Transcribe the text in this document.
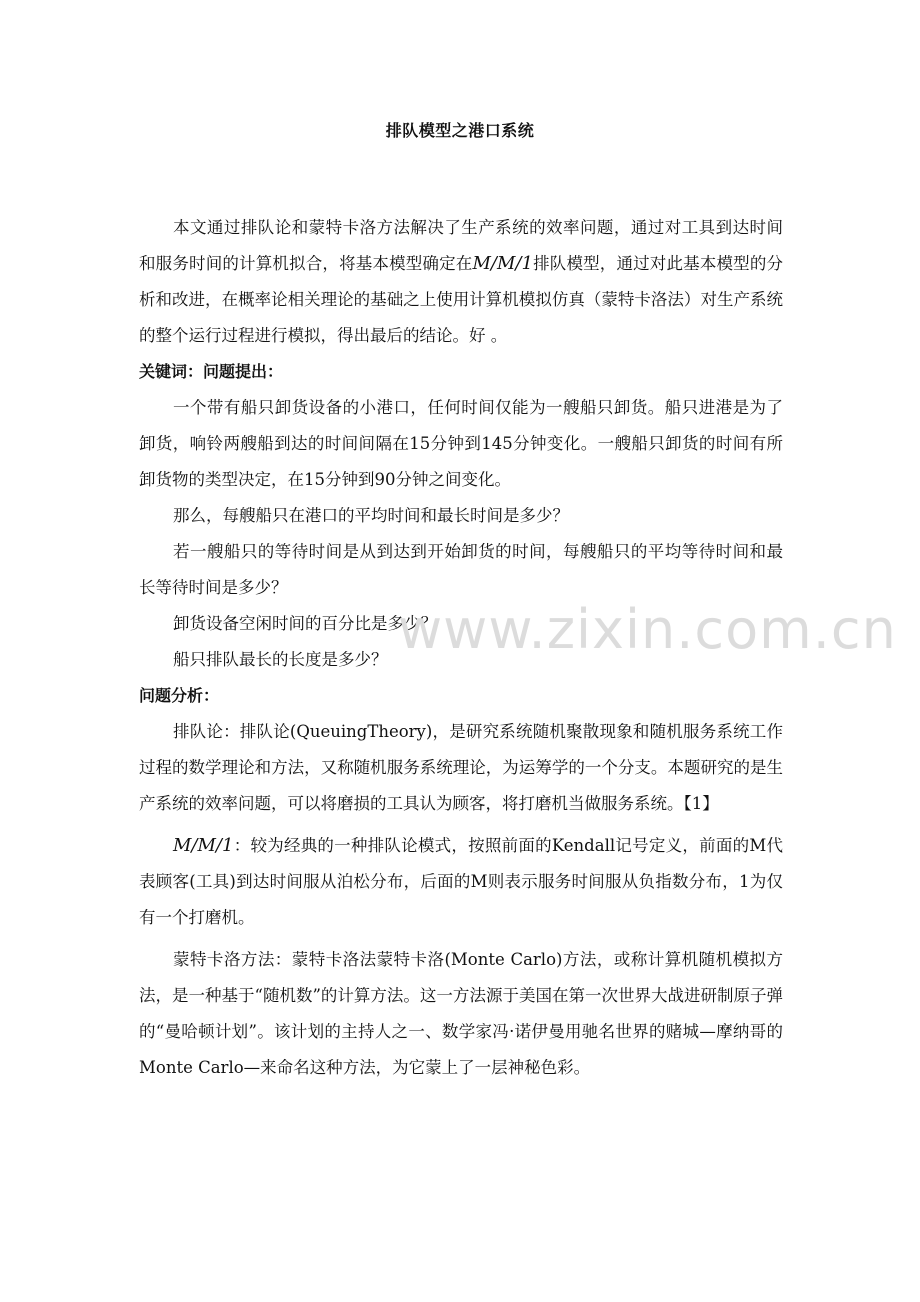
排队模型之港口系统

本文通过排队论和蒙特卡洛方法解决了生产系统的效率问题，通过对工具到达时间和服务时间的计算机拟合，将基本模型确定在M/M/1排队模型，通过对此基本模型的分析和改进，在概率论相关理论的基础之上使用计算机模拟仿真（蒙特卡洛法）对生产系统的整个运行过程进行模拟，得出最后的结论。好 。

关键词：问题提出：

一个带有船只卸货设备的小港口，任何时间仅能为一艘船只卸货。船只进港是为了卸货，响铃两艘船到达的时间间隔在15分钟到145分钟变化。一艘船只卸货的时间有所卸货物的类型决定，在15分钟到90分钟之间变化。

那么，每艘船只在港口的平均时间和最长时间是多少？

若一艘船只的等待时间是从到达到开始卸货的时间，每艘船只的平均等待时间和最长等待时间是多少？

卸货设备空闲时间的百分比是多少？

船只排队最长的长度是多少？

问题分析：

排队论：排队论(QueuingTheory)，是研究系统随机聚散现象和随机服务系统工作过程的数学理论和方法，又称随机服务系统理论，为运筹学的一个分支。本题研究的是生产系统的效率问题，可以将磨损的工具认为顾客，将打磨机当做服务系统。【1】

M/M/1：较为经典的一种排队论模式，按照前面的Kendall记号定义，前面的M代表顾客(工具)到达时间服从泊松分布，后面的M则表示服务时间服从负指数分布，1为仅有一个打磨机。

蒙特卡洛方法：蒙特卡洛法蒙特卡洛(Monte Carlo)方法，或称计算机随机模拟方法，是一种基于“随机数”的计算方法。这一方法源于美国在第一次世界大战进研制原子弹的“曼哈顿计划”。该计划的主持人之一、数学家冯·诺伊曼用驰名世界的赌城—摩纳哥的Monte Carlo—来命名这种方法，为它蒙上了一层神秘色彩。

www.zixin.com.cn
